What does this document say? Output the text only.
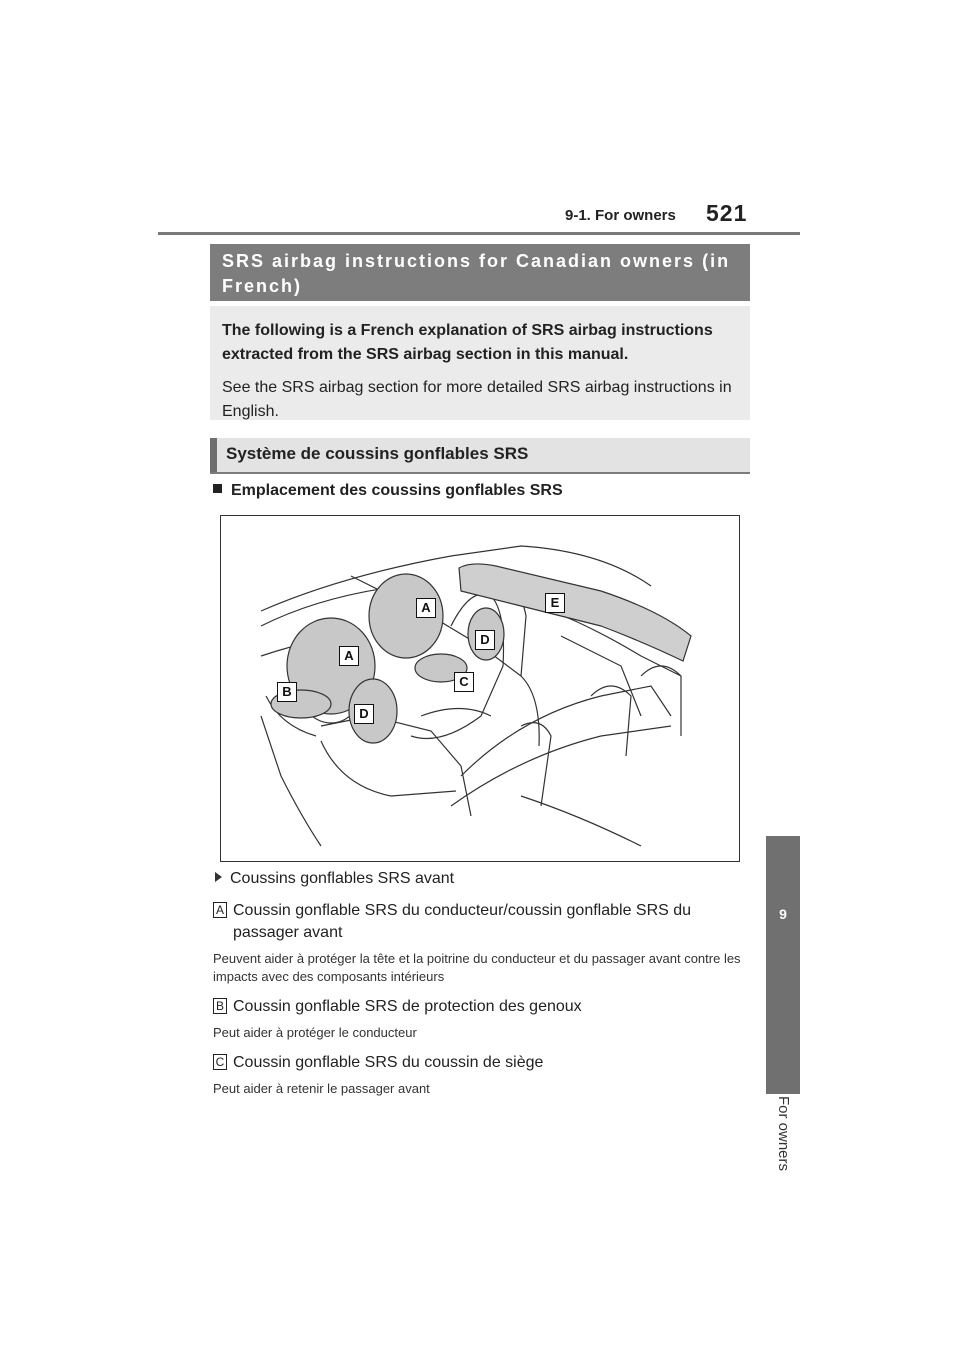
9-1. For owners 521
9
For owners
SRS airbag instructions for Canadian owners (in French)

The following is a French explanation of SRS airbag instructions extracted from the SRS airbag section in this manual.

See the SRS airbag section for more detailed SRS airbag instructions in English.

Système de coussins gonflables SRS
Emplacement des coussins gonflables SRS
A	E
D
A
C
B
D
Coussins gonflables SRS avant
A Coussin gonflable SRS du conducteur/coussin gonflable SRS du passager avant
Peuvent aider à protéger la tête et la poitrine du conducteur et du passager avant contre les impacts avec des composants intérieurs
B Coussin gonflable SRS de protection des genoux
Peut aider à protéger le conducteur
C Coussin gonflable SRS du coussin de siège
Peut aider à retenir le passager avant
